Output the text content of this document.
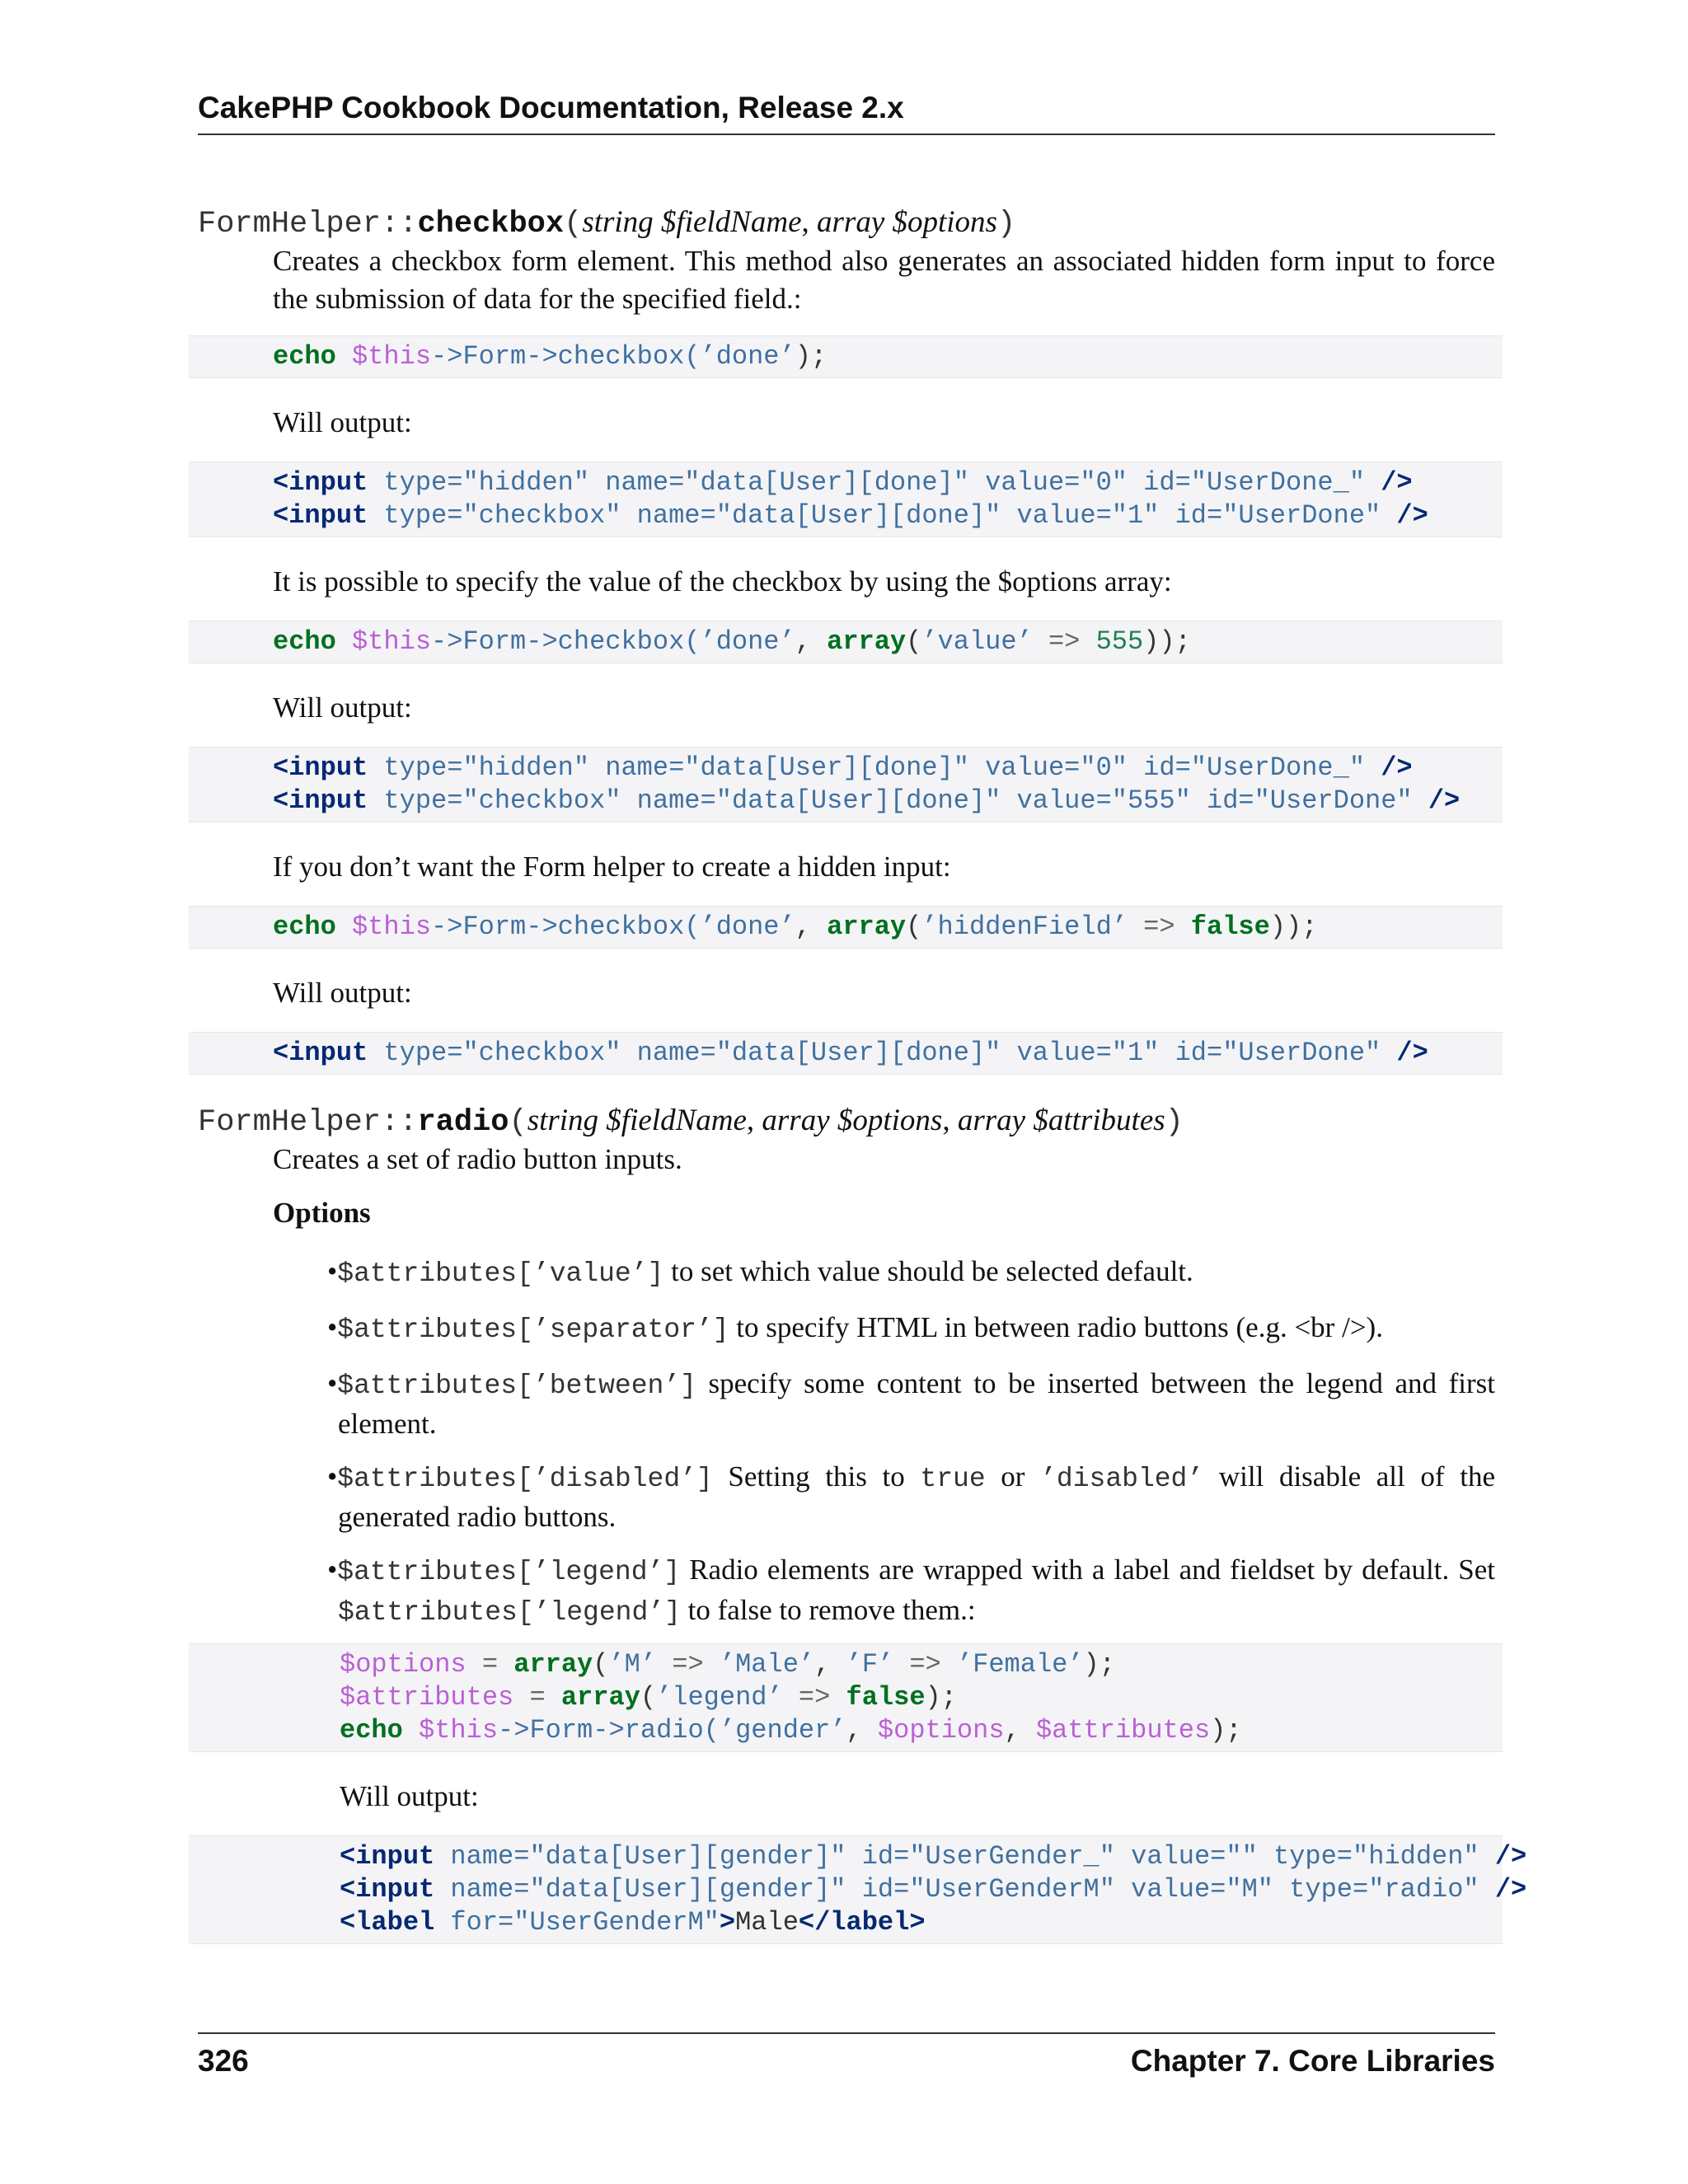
CakePHP Cookbook Documentation, Release 2.x
FormHelper::checkbox(string $fieldName, array $options)
Creates a checkbox form element. This method also generates an associated hidden form input to force the submission of data for the specified field.:
echo $this->Form->checkbox(’done’);
Will output:
<input type="hidden" name="data[User][done]" value="0" id="UserDone_" />
<input type="checkbox" name="data[User][done]" value="1" id="UserDone" />
It is possible to specify the value of the checkbox by using the $options array:
echo $this->Form->checkbox(’done’, array(’value’ => 555));
Will output:
<input type="hidden" name="data[User][done]" value="0" id="UserDone_" />
<input type="checkbox" name="data[User][done]" value="555" id="UserDone" />
If you don’t want the Form helper to create a hidden input:
echo $this->Form->checkbox(’done’, array(’hiddenField’ => false));
Will output:
<input type="checkbox" name="data[User][done]" value="1" id="UserDone" />
FormHelper::radio(string $fieldName, array $options, array $attributes)
Creates a set of radio button inputs.
Options
•$attributes[’value’] to set which value should be selected default.
•$attributes[’separator’] to specify HTML in between radio buttons (e.g. <br />).
•$attributes[’between’] specify some content to be inserted between the legend and first element.
•$attributes[’disabled’] Setting this to true or ’disabled’ will disable all of the generated radio buttons.
•$attributes[’legend’] Radio elements are wrapped with a label and fieldset by default. Set $attributes[’legend’] to false to remove them.:
$options = array(’M’ => ’Male’, ’F’ => ’Female’);
$attributes = array(’legend’ => false);
echo $this->Form->radio(’gender’, $options, $attributes);
Will output:
<input name="data[User][gender]" id="UserGender_" value="" type="hidden" />
<input name="data[User][gender]" id="UserGenderM" value="M" type="radio" />
<label for="UserGenderM">Male</label>
326	Chapter 7. Core Libraries
